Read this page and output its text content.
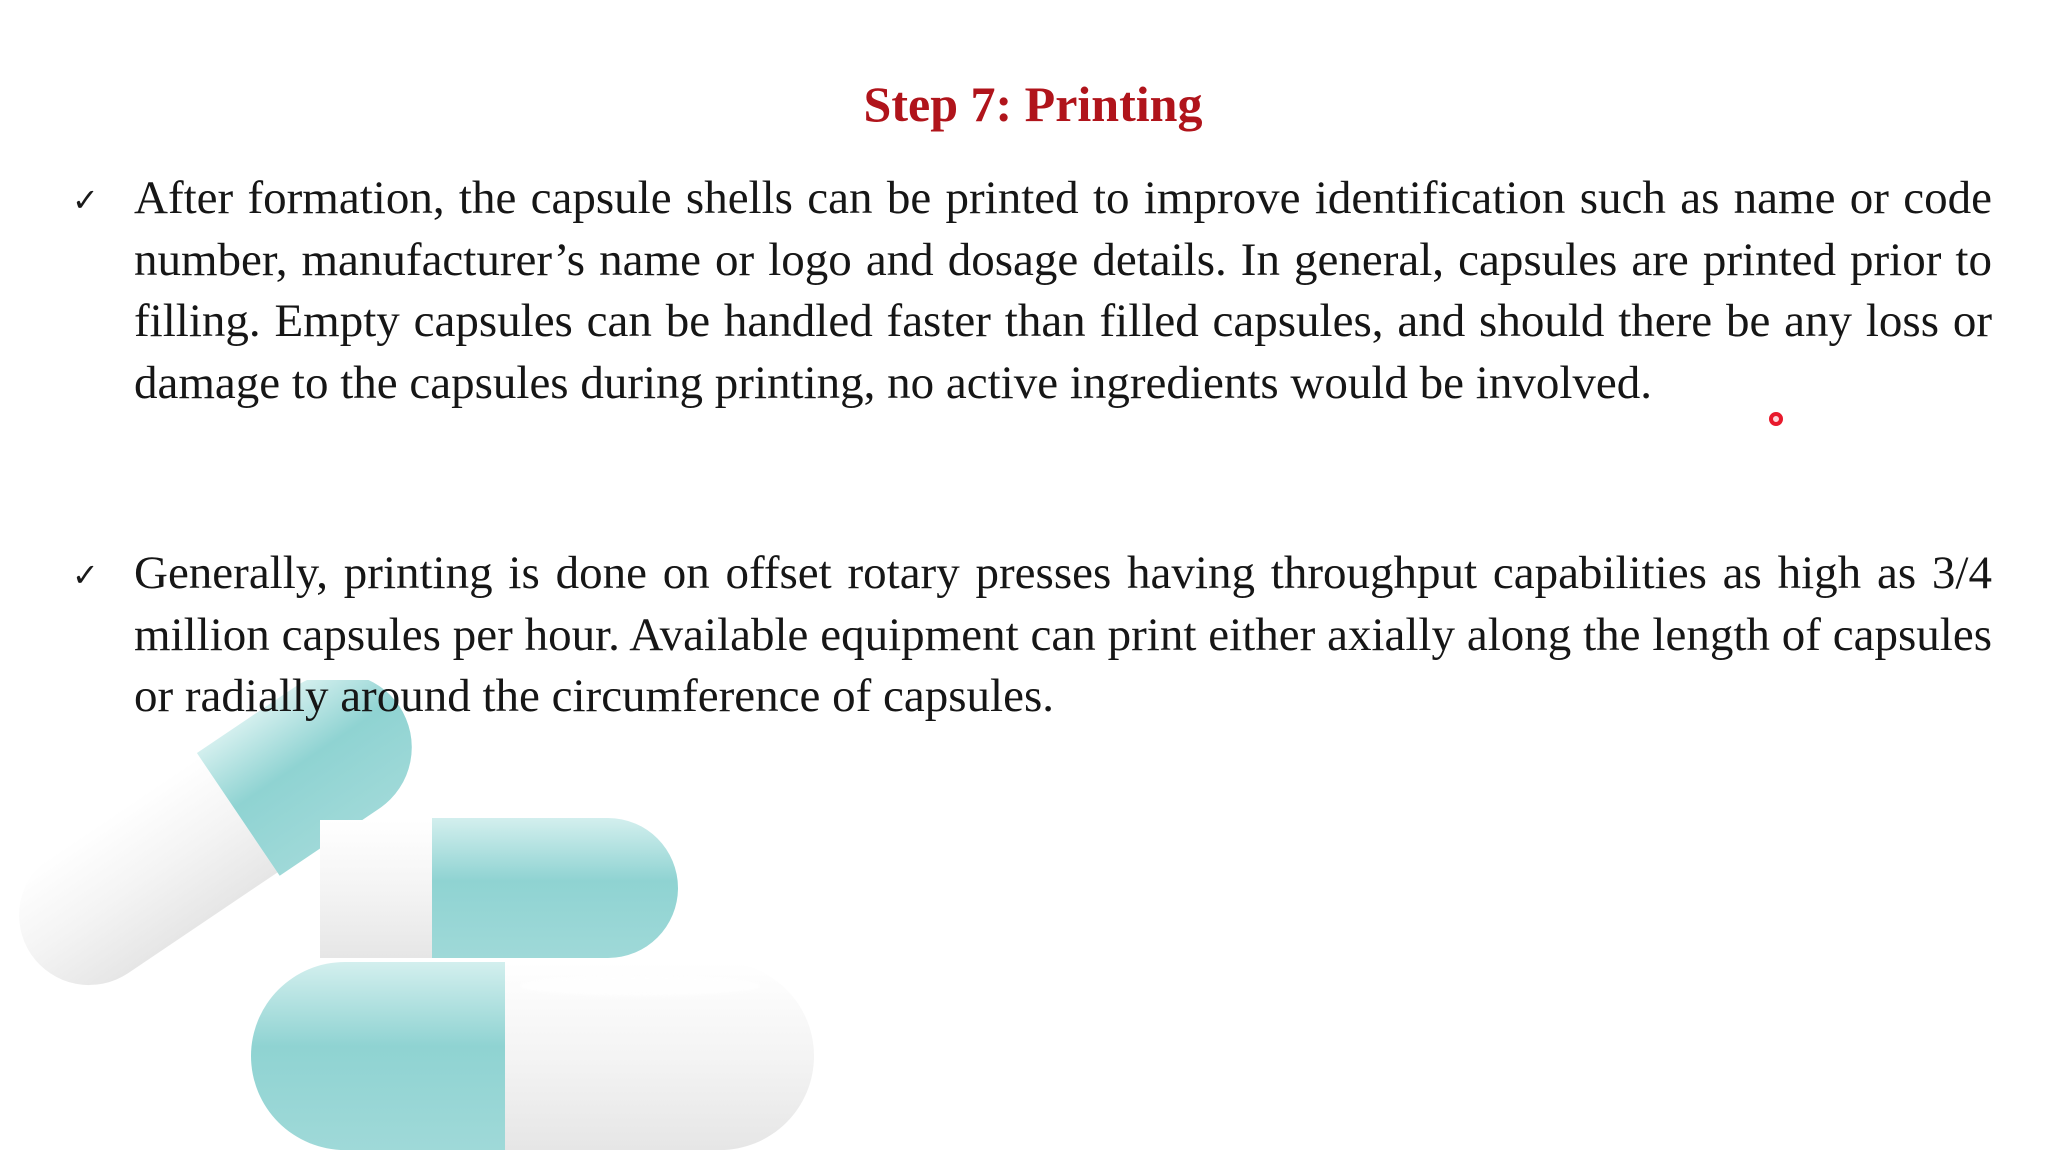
Step 7: Printing
✓ After formation, the capsule shells can be printed to improve identification such as name or code number, manufacturer’s name or logo and dosage details. In general, capsules are printed prior to filling. Empty capsules can be handled faster than filled capsules, and should there be any loss or damage to the capsules during printing, no active ingredients would be involved.

✓ Generally, printing is done on offset rotary presses having throughput capabilities as high as 3/4 million capsules per hour. Available equipment can print either axially along the length of capsules or radially around the circumference of capsules.
